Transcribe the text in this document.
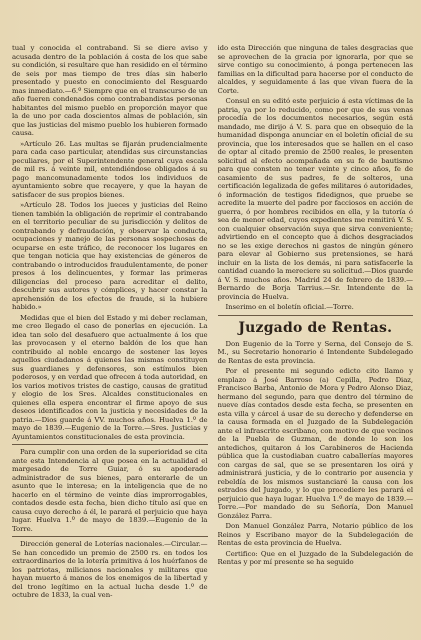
tual y conocida el contraband. Si se diere aviso y acusada dentro de la población á costa de los que sabe su condición, si resultare que han residido en el término de seis por mas tiempo de tres días sin haberlo presentado y puesto en conocimiento del Resguardo mas inmediato.—6.º Siempre que en el transcurso de un año fueren condenados como contrabandistas personas habitantes del mismo pueblo en proporción mayor que la de uno por cada doscientos almas de población, sin que las justicias del mismo pueblo los hubieren formado causa.

»Artículo 26. Las multas se fijarán prudencialmente para cada caso particular, atendidas sus circunstancias peculiares, por el Superintendente general cuya escala de mil rs. á veinte mil, entendiéndose obligados á su pago mancomunadamente todos los individuos de ayuntamiento sobre que recayere, y que la hayan de satisfacer de sus propios bienes.

»Artículo 28. Todos los jueces y justicias del Reino tienen también la obligación de reprimir el contrabando en el territorio peculiar de su jurisdicción y delitos de contrabando y defraudación, y observar la conducta, ocupaciones y manejo de las personas sospechosas de ocuparse en este tráfico, de reconocer los lugares en que tengan noticia que hay existencias de géneros de contrabando o introducidos fraudulentamente, de poner presos á los delincuentes, y formar las primeras diligencias del proceso para acreditar el delito, descubrir sus autores y cómplices, y hacer constar la aprehensión de los efectos de fraude, si la hubiere habido.»

Medidas que el bien del Estado y mi deber reclaman, me creo llegado el caso de ponerlas en ejecución. La idea tan solo del desafuero que actualmente á los que las provocasen y el eterno baldón de los que han contribuido al noble encargo de sostener las leyes aquellos ciudadanos á quienes las mismas constituyen sus guardianes y defensores, son estímulos bien poderosos, y en verdad que ofrecen á toda autoridad, en los varios motivos tristes de castigo, causas de gratitud y elogio de los Sres. Alcaldes constitucionales en quienes ella espera encontrar el firme apoyo de sus deseos identificados con la justicia y necesidades de la patria.—Dios guarde á VV. muchos años. Huelva 1.º de mayo de 1839.—Eugenio de la Torre.—Sres. Justicias y Ayuntamientos constitucionales de esta provincia.

Para cumplir con una orden de la superioridad se cita ante esta Intendencia al que posea en la actualidad el margesado de Torre Guiar, ó su apoderado administrador de sus bienes, para enterarle de un asunto que le interesa; en la inteligencia que de no hacerlo en el término de veinte días improrrogables, contados desde esta fecha, bien dicho título así que en causa cuyo derecho á él, le parará el perjuicio que haya lugar. Huelva 1.º de mayo de 1839.—Eugenio de la Torre.

Dirección general de Loterías nacionales.—Circular.—Se han concedido un premio de 2500 rs. en todos los extraordinarios de la lotería primitiva á los huérfanos de los patriotas, milicianos nacionales y militares que hayan muerto á manos de los enemigos de la libertad y del trono legítimo en la actual lucha desde 1.º de octubre de 1833, la cual ven-

ido esta Dirección que ninguna de tales desgracias que se aprovechen de la gracia por ignorarla, por que se sirve contigo su conocimiento, á ponga pertenecen las familias en la dificultad para hacerse por el conducto de alcaldes, y seguidamente á las que vivan fuera de la Corte.

Consul en su editó este perjuicio á esta víctimas de la patria, ya por lo reducido, como por que de sus venas procedía de los documentos necesarios, según está mandado, me dirijo á V. S. para que en obsequio de la humanidad disponga anunciar en el boletín oficial de su provincia, que los interesados que se hallen en el caso de optar al citado premio de 2500 reales, le presenten solicitud al efecto acompañada en su fe de bautismo para que consten no tener veinte y cinco años, fe de casamiento de sus padres, fe de solteros, una certificación legalizada de gefes militares ó autoridades, ó información de testigos fidedignos, que pruebe se acredite la muerte del padre por facciosos en acción de guerra, ó por hombres recibidos en ella, y la tutoría ó sea de menor edad, cuyos expedientes me remitirá V. S. con cualquier observación suya que sirva conveniente; advirtiendo en el concepto que á dichos desgraciados no se les exige derechos ni gastos de ningún género para elevar al Gobierno sus pretensiones, se hará incluir en la lista de los demás, ni para satisfacerle la cantidad cuando la mereciere su solicitud.—Dios guarde á V. S. muchos años. Madrid 24 de febrero de 1839.—Bernardo de Borja Tarrius.—Sr. Intendente de la provincia de Huelva.

Inserimo en el boletín oficial.—Torre.

Juzgado de Rentas.

Don Eugenio de la Torre y Serna, del Consejo de S. M., su Secretario honorario é Intendente Subdelegado de Rentas de esta provincia.

Por el presente mi segundo edicto cito llamo y emplazo á José Barroso (a) Cepilla, Pedro Diaz, Francisco Barba, Antonio de Mora y Pedro Alonso Diaz, hermano del segundo, para que dentro del término de nueve días contados desde esta fecha, se presenten en esta villa y cárcel á usar de su derecho y defenderse en la causa formada en el Juzgado de la Subdelegación ante el infrascrito escribano, con motivo de que vecinos de la Puebla de Guzman, de donde lo son los antedichos, quitaron á los Carabineros de Hacienda pública que la custodiaban cuatro caballerías mayores con cargas de sal, que se se presentaren los oirá y administrará justicia, y de lo contrario por ausencia y rebeldía de los mismos sustanciaré la causa con los estrados del Juzgado, y lo que procediere les parará el perjuicio que haya lugar. Huelva 1.º de mayo de 1839.—Torre.—Por mandado de su Señoría, Don Manuel González Parra.

Don Manuel González Parra, Notario público de los Reinos y Escribano mayor de la Subdelegación de Rentas de esta provincia de Huelva.

Certifico: Que en el Juzgado de la Subdelegación de Rentas y por mí presente se ha seguido
